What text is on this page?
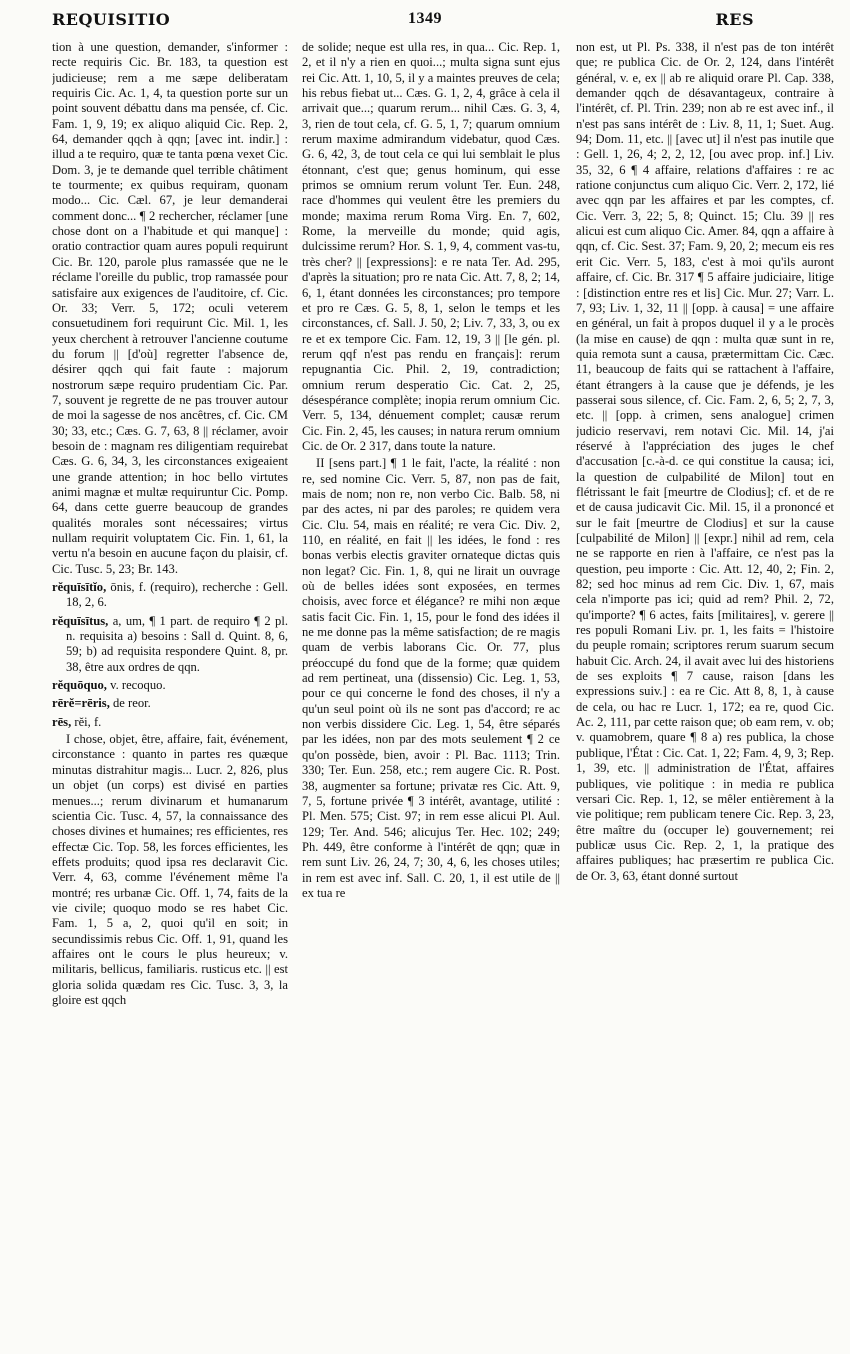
REQUISITIO	1349	RES

tion à une question, demander, s'informer : recte requiris Cic. Br. 183, ta question est judicieuse; rem a me sæpe deliberatam requiris Cic. Ac. 1, 4, ta question porte sur un point souvent débattu dans ma pensée, cf. Cic. Fam. 1, 9, 19; ex aliquo aliquid Cic. Rep. 2, 64, demander qqch à qqn; [avec int. indir.] : illud a te requiro, quæ te tanta pœna vexet Cic. Dom. 3, je te demande quel terrible châtiment te tourmente; ex quibus requiram, quonam modo... Cic. Cæl. 67, je leur demanderai comment donc... ¶ 2 rechercher, réclamer [une chose dont on a l'habitude et qui manque] : oratio contractior quam aures populi requirunt Cic. Br. 120, parole plus ramassée que ne le réclame l'oreille du public, trop ramassée pour satisfaire aux exigences de l'auditoire, cf. Cic. Or. 33; Verr. 5, 172; oculi veterem consuetudinem fori requirunt Cic. Mil. 1, les yeux cherchent à retrouver l'ancienne coutume du forum || [d'où] regretter l'absence de, désirer qqch qui fait faute : majorum nostrorum sæpe requiro prudentiam Cic. Par. 7, souvent je regrette de ne pas trouver autour de moi la sagesse de nos ancêtres, cf. Cic. CM 30; 33, etc.; Cæs. G. 7, 63, 8 || réclamer, avoir besoin de : magnam res diligentiam requirebat Cæs. G. 6, 34, 3, les circonstances exigeaient une grande attention; in hoc bello virtutes animi magnæ et multæ requiruntur Cic. Pomp. 64, dans cette guerre beaucoup de grandes qualités morales sont nécessaires; virtus nullam requirit voluptatem Cic. Fin. 1, 61, la vertu n'a besoin en aucune façon du plaisir, cf. Cic. Tusc. 5, 23; Br. 143.

rĕquīsītĭo, ōnis, f. (requiro), recherche : Gell. 18, 2, 6.

rĕquīsītus, a, um, ¶ 1 part. de requiro ¶ 2 pl. n. requisita a) besoins : Sall d. Quint. 8, 6, 59; b) ad requisita respondere Quint. 8, pr. 38, être aux ordres de qqn.

rĕquōquo, v. recoquo.

rērĕ=rēris, de reor.

rēs, rĕi, f.

I chose, objet, être, affaire, fait, événement, circonstance : quanto in partes res quæque minutas distrahitur magis... Lucr. 2, 826, plus un objet (un corps) est divisé en parties menues...; rerum divinarum et humanarum scientia Cic. Tusc. 4, 57, la connaissance des choses divines et humaines; res efficientes, res effectæ Cic. Top. 58, les forces efficientes, les effets produits; quod ipsa res declaravit Cic. Verr. 4, 63, comme l'événement même l'a montré; res urbanæ Cic. Off. 1, 74, faits de la vie civile; quoquo modo se res habet Cic. Fam. 1, 5 a, 2, quoi qu'il en soit; in secundissimis rebus Cic. Off. 1, 91, quand les affaires ont le cours le plus heureux; v. militaris, bellicus, familiaris. rusticus etc. || est gloria solida quædam res Cic. Tusc. 3, 3, la gloire est qqch

de solide; neque est ulla res, in qua... Cic. Rep. 1, 2, et il n'y a rien en quoi...; multa signa sunt ejus rei Cic. Att. 1, 10, 5, il y a maintes preuves de cela; his rebus fiebat ut... Cæs. G. 1, 2, 4, grâce à cela il arrivait que...; quarum rerum... nihil Cæs. G. 3, 4, 3, rien de tout cela, cf. G. 5, 1, 7; quarum omnium rerum maxime admirandum videbatur, quod Cæs. G. 6, 42, 3, de tout cela ce qui lui semblait le plus étonnant, c'est que; genus hominum, qui esse primos se omnium rerum volunt Ter. Eun. 248, race d'hommes qui veulent être les premiers du monde; maxima rerum Roma Virg. En. 7, 602, Rome, la merveille du monde; quid agis, dulcissime rerum? Hor. S. 1, 9, 4, comment vas-tu, très cher? || [expressions]: e re nata Ter. Ad. 295, d'après la situation; pro re nata Cic. Att. 7, 8, 2; 14, 6, 1, étant données les circonstances; pro tempore et pro re Cæs. G. 5, 8, 1, selon le temps et les circonstances, cf. Sall. J. 50, 2; Liv. 7, 33, 3, ou ex re et ex tempore Cic. Fam. 12, 19, 3 || [le gén. pl. rerum qqf n'est pas rendu en français]: rerum repugnantia Cic. Phil. 2, 19, contradiction; omnium rerum desperatio Cic. Cat. 2, 25, désespérance complète; inopia rerum omnium Cic. Verr. 5, 134, dénuement complet; causæ rerum Cic. Fin. 2, 45, les causes; in natura rerum omnium Cic. de Or. 2 317, dans toute la nature.

II [sens part.] ¶ 1 le fait, l'acte, la réalité : non re, sed nomine Cic. Verr. 5, 87, non pas de fait, mais de nom; non re, non verbo Cic. Balb. 58, ni par des actes, ni par des paroles; re quidem vera Cic. Clu. 54, mais en réalité; re vera Cic. Div. 2, 110, en réalité, en fait || les idées, le fond : res bonas verbis electis graviter ornateque dictas quis non legat? Cic. Fin. 1, 8, qui ne lirait un ouvrage où de belles idées sont exposées, en termes choisis, avec force et élégance? re mihi non æque satis facit Cic. Fin. 1, 15, pour le fond des idées il ne me donne pas la même satisfaction; de re magis quam de verbis laborans Cic. Or. 77, plus préoccupé du fond que de la forme; quæ quidem ad rem pertineat, una (dissensio) Cic. Leg. 1, 53, pour ce qui concerne le fond des choses, il n'y a qu'un seul point où ils ne sont pas d'accord; re ac non verbis dissidere Cic. Leg. 1, 54, être séparés par les idées, non par des mots seulement ¶ 2 ce qu'on possède, bien, avoir : Pl. Bac. 1113; Trin. 330; Ter. Eun. 258, etc.; rem augere Cic. R. Post. 38, augmenter sa fortune; privatæ res Cic. Att. 9, 7, 5, fortune privée ¶ 3 intérêt, avantage, utilité : Pl. Men. 575; Cist. 97; in rem esse alicui Pl. Aul. 129; Ter. And. 546; alicujus Ter. Hec. 102; 249; Ph. 449, être conforme à l'intérêt de qqn; quæ in rem sunt Liv. 26, 24, 7; 30, 4, 6, les choses utiles; in rem est avec inf. Sall. C. 20, 1, il est utile de || ex tua re

non est, ut Pl. Ps. 338, il n'est pas de ton intérêt que; re publica Cic. de Or. 2, 124, dans l'intérêt général, v. e, ex || ab re aliquid orare Pl. Cap. 338, demander qqch de désavantageux, contraire à l'intérêt, cf. Pl. Trin. 239; non ab re est avec inf., il n'est pas sans intérêt de : Liv. 8, 11, 1; Suet. Aug. 94; Dom. 11, etc. || [avec ut] il n'est pas inutile que : Gell. 1, 26, 4; 2, 2, 12, [ou avec prop. inf.] Liv. 35, 32, 6 ¶ 4 affaire, relations d'affaires : re ac ratione conjunctus cum aliquo Cic. Verr. 2, 172, lié avec qqn par les affaires et par les comptes, cf. Cic. Verr. 3, 22; 5, 8; Quinct. 15; Clu. 39 || res alicui est cum aliquo Cic. Amer. 84, qqn a affaire à qqn, cf. Cic. Sest. 37; Fam. 9, 20, 2; mecum eis res erit Cic. Verr. 5, 183, c'est à moi qu'ils auront affaire, cf. Cic. Br. 317 ¶ 5 affaire judiciaire, litige : [distinction entre res et lis] Cic. Mur. 27; Varr. L. 7, 93; Liv. 1, 32, 11 || [opp. à causa] = une affaire en général, un fait à propos duquel il y a le procès (la mise en cause) de qqn : multa quæ sunt in re, quia remota sunt a causa, prætermittam Cic. Cæc. 11, beaucoup de faits qui se rattachent à l'affaire, étant étrangers à la cause que je défends, je les passerai sous silence, cf. Cic. Fam. 2, 6, 5; 2, 7, 3, etc. || [opp. à crimen, sens analogue] crimen judicio reservavi, rem notavi Cic. Mil. 14, j'ai réservé à l'appréciation des juges le chef d'accusation [c.-à-d. ce qui constitue la causa; ici, la question de culpabilité de Milon] tout en flétrissant le fait [meurtre de Clodius]; cf. et de re et de causa judicavit Cic. Mil. 15, il a prononcé et sur le fait [meurtre de Clodius] et sur la cause [culpabilité de Milon] || [expr.] nihil ad rem, cela ne se rapporte en rien à l'affaire, ce n'est pas la question, peu importe : Cic. Att. 12, 40, 2; Fin. 2, 82; sed hoc minus ad rem Cic. Div. 1, 67, mais cela n'importe pas ici; quid ad rem? Phil. 2, 72, qu'importe? ¶ 6 actes, faits [militaires], v. gerere || res populi Romani Liv. pr. 1, les faits = l'histoire du peuple romain; scriptores rerum suarum secum habuit Cic. Arch. 24, il avait avec lui des historiens de ses exploits ¶ 7 cause, raison [dans les expressions suiv.] : ea re Cic. Att 8, 8, 1, à cause de cela, ou hac re Lucr. 1, 172; ea re, quod Cic. Ac. 2, 111, par cette raison que; ob eam rem, v. ob; v. quamobrem, quare ¶ 8 a) res publica, la chose publique, l'État : Cic. Cat. 1, 22; Fam. 4, 9, 3; Rep. 1, 39, etc. || administration de l'État, affaires publiques, vie politique : in media re publica versari Cic. Rep. 1, 12, se mêler entièrement à la vie politique; rem publicam tenere Cic. Rep. 3, 23, être maître du (occuper le) gouvernement; rei publicæ usus Cic. Rep. 2, 1, la pratique des affaires publiques; hac præsertim re publica Cic. de Or. 3, 63, étant donné surtout
